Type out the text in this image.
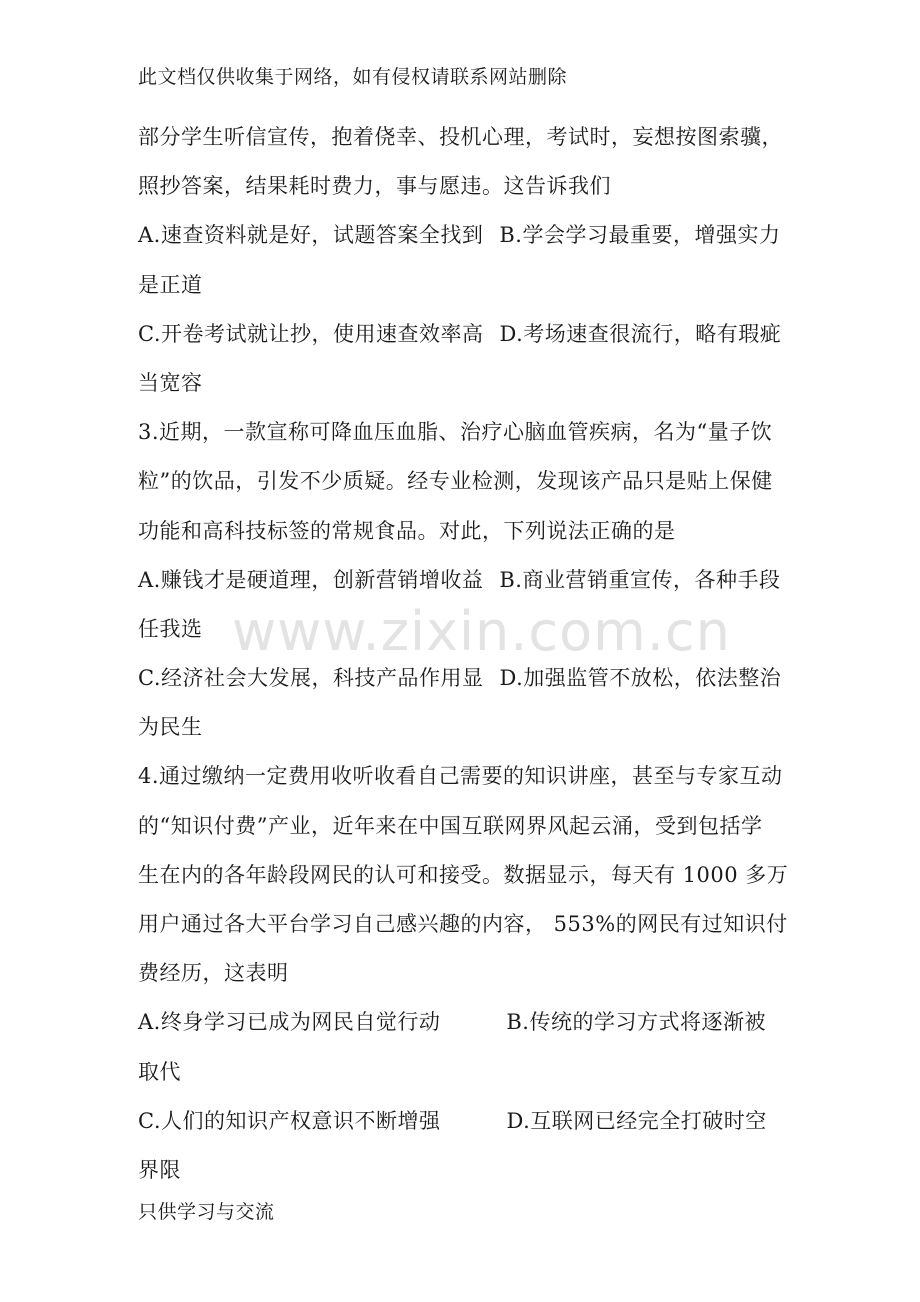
此文档仅供收集于网络，如有侵权请联系网站删除
部分学生听信宣传，抱着侥幸、投机心理，考试时，妄想按图索骥，
照抄答案，结果耗时费力，事与愿违。这告诉我们
A.速查资料就是好，试题答案全找到 B.学会学习最重要，增强实力
是正道
C.开卷考试就让抄，使用速查效率高 D.考场速查很流行，略有瑕疵
当宽容
3.近期，一款宣称可降血压血脂、治疗心脑血管疾病，名为“量子饮
粒”的饮品，引发不少质疑。经专业检测，发现该产品只是贴上保健
功能和高科技标签的常规食品。对此，下列说法正确的是
A.赚钱才是硬道理，创新营销增收益 B.商业营销重宣传，各种手段
任我选
C.经济社会大发展，科技产品作用显 D.加强监管不放松，依法整治
为民生
4.通过缴纳一定费用收听收看自己需要的知识讲座，甚至与专家互动
的“知识付费”产业，近年来在中国互联网界风起云涌，受到包括学
生在内的各年龄段网民的认可和接受。数据显示，每天有 1000 多万
用户通过各大平台学习自己感兴趣的内容， 553%的网民有过知识付
费经历，这表明
A.终身学习已成为网民自觉行动	B.传统的学习方式将逐渐被
取代
C.人们的知识产权意识不断增强	D.互联网已经完全打破时空
界限
www.zixin.com.cn
只供学习与交流
